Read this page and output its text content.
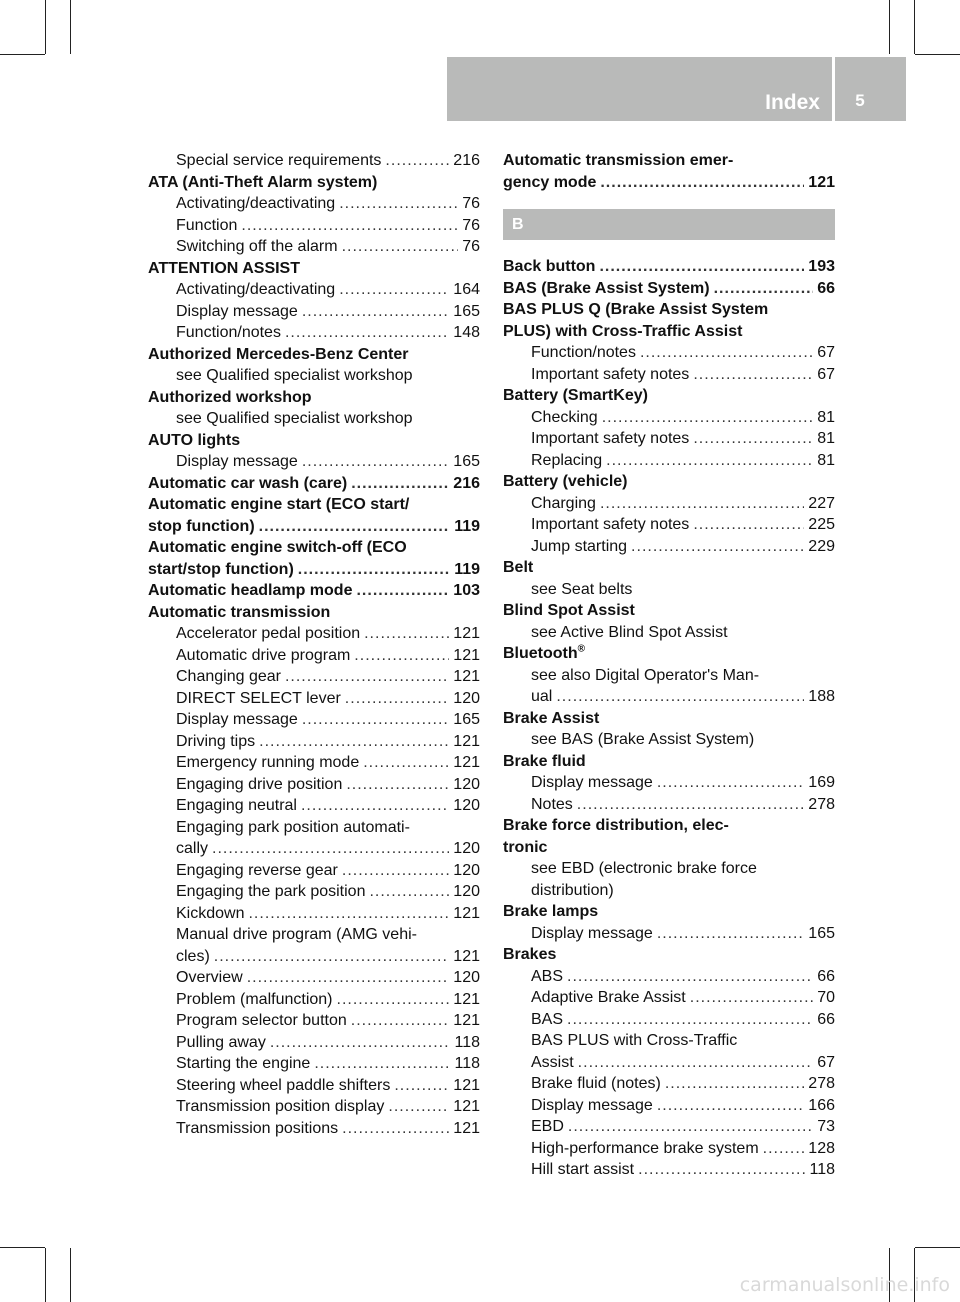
Index	5
Special service requirements .....	216
ATA (Anti-Theft Alarm system)
Activating/deactivating .....	76
Function .....	76
Switching off the alarm .....	76
ATTENTION ASSIST
Activating/deactivating .....	164
Display message .....	165
Function/notes .....	148
Authorized Mercedes-Benz Center
see Qualified specialist workshop
Authorized workshop
see Qualified specialist workshop
AUTO lights
Display message .....	165
Automatic car wash (care) .....	216
Automatic engine start (ECO start/
stop function) .....	119
Automatic engine switch-off (ECO
start/stop function) .....	119
Automatic headlamp mode .....	103
Automatic transmission
Accelerator pedal position .....	121
Automatic drive program .....	121
Changing gear .....	121
DIRECT SELECT lever .....	120
Display message .....	165
Driving tips .....	121
Emergency running mode .....	121
Engaging drive position .....	120
Engaging neutral .....	120
Engaging park position automati-
cally .....	120
Engaging reverse gear .....	120
Engaging the park position .....	120
Kickdown .....	121
Manual drive program (AMG vehi-
cles) .....	121
Overview .....	120
Problem (malfunction) .....	121
Program selector button .....	121
Pulling away .....	118
Starting the engine .....	118
Steering wheel paddle shifters .....	121
Transmission position display .....	121
Transmission positions .....	121
Automatic transmission emer-
gency mode .....	121
B
Back button .....	193
BAS (Brake Assist System) .....	66
BAS PLUS Q (Brake Assist System
PLUS) with Cross-Traffic Assist
Function/notes .....	67
Important safety notes .....	67
Battery (SmartKey)
Checking .....	81
Important safety notes .....	81
Replacing .....	81
Battery (vehicle)
Charging .....	227
Important safety notes .....	225
Jump starting .....	229
Belt
see Seat belts
Blind Spot Assist
see Active Blind Spot Assist
Bluetooth®
see also Digital Operator's Man-
ual .....	188
Brake Assist
see BAS (Brake Assist System)
Brake fluid
Display message .....	169
Notes .....	278
Brake force distribution, elec-
tronic
see EBD (electronic brake force
distribution)
Brake lamps
Display message .....	165
Brakes
ABS .....	66
Adaptive Brake Assist .....	70
BAS .....	66
BAS PLUS with Cross-Traffic
Assist .....	67
Brake fluid (notes) .....	278
Display message .....	166
EBD .....	73
High-performance brake system .....	128
Hill start assist .....	118
carmanualsonline.info
